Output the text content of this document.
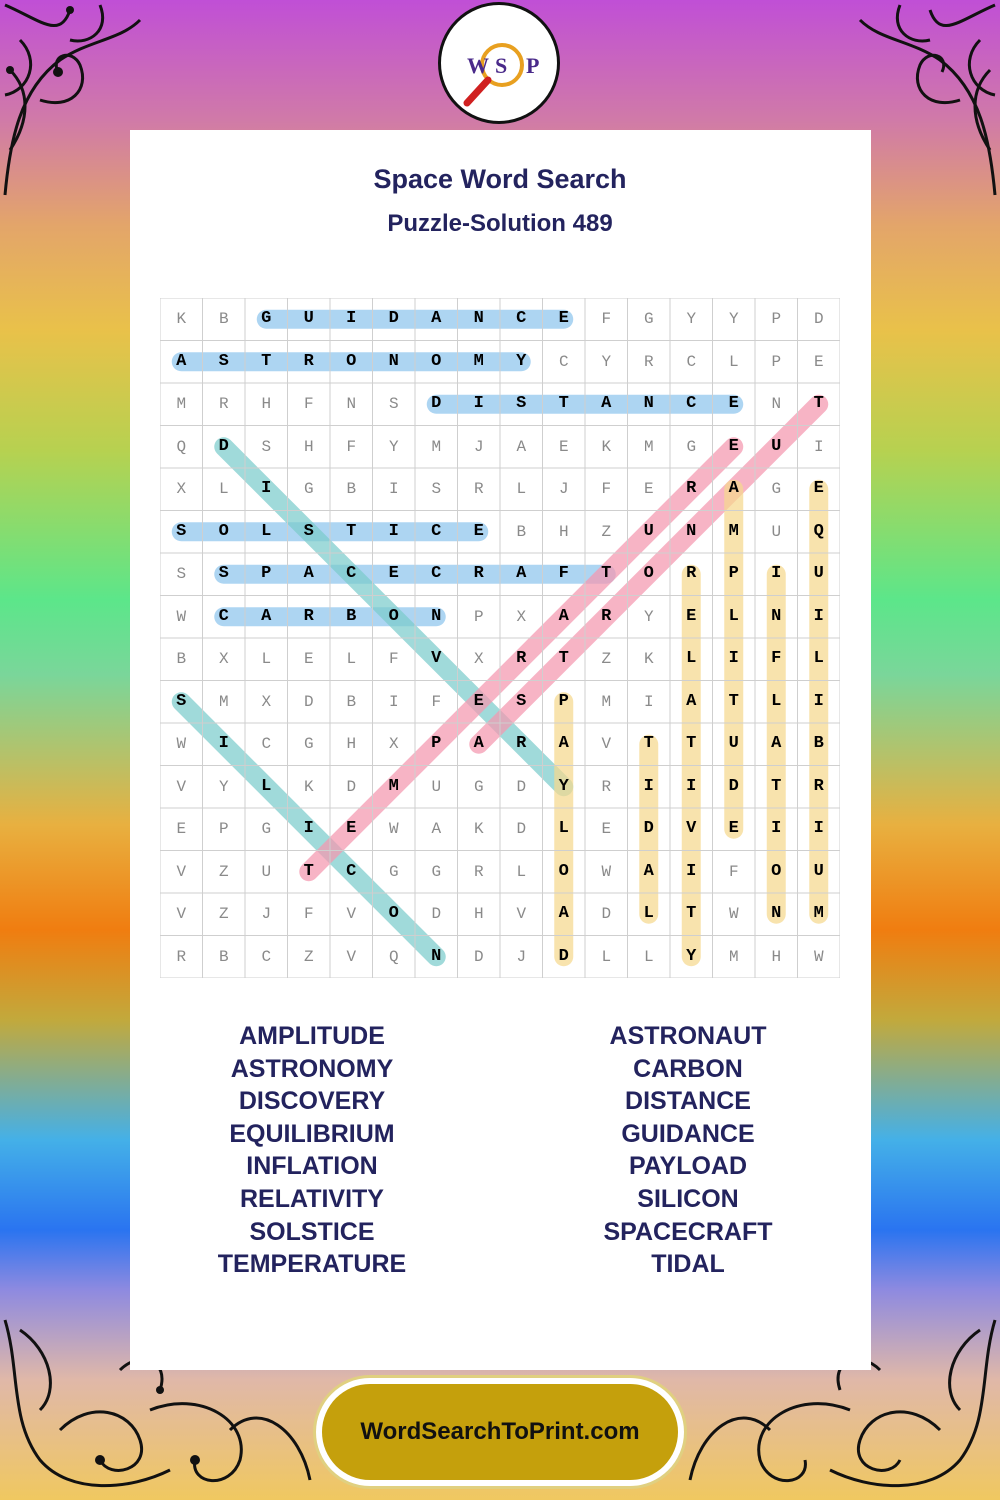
W S P
Space Word Search
Puzzle-Solution 489
K	B	G	U	I	D	A	N	C	E	F	G	Y	Y	P	D
A	S	T	R	O	N	O	M	Y	C	Y	R	C	L	P	E
M	R	H	F	N	S	D	I	S	T	A	N	C	E	N	T
Q	D	S	H	F	Y	M	J	A	E	K	M	G	E	U	I
X	L	I	G	B	I	S	R	L	J	F	E	R	A	G	E
S	O	L	S	T	I	C	E	B	H	Z	U	N	M	U	Q
S	S	P	A	C	E	C	R	A	F	T	O	R	P	I	U
W	C	A	R	B	O	N	P	X	A	R	Y	E	L	N	I
B	X	L	E	L	F	V	X	R	T	Z	K	L	I	F	L
S	M	X	D	B	I	F	E	S	P	M	I	A	T	L	I
W	I	C	G	H	X	P	A	R	A	V	T	T	U	A	B
V	Y	L	K	D	M	U	G	D	Y	R	I	I	D	T	R
E	P	G	I	E	W	A	K	D	L	E	D	V	E	I	I
V	Z	U	T	C	G	G	R	L	O	W	A	I	F	O	U
V	Z	J	F	V	O	D	H	V	A	D	L	T	W	N	M
R	B	C	Z	V	Q	N	D	J	D	L	L	Y	M	H	W
AMPLITUDE
ASTRONOMY
DISCOVERY
EQUILIBRIUM
INFLATION
RELATIVITY
SOLSTICE
TEMPERATURE
ASTRONAUT
CARBON
DISTANCE
GUIDANCE
PAYLOAD
SILICON
SPACECRAFT
TIDAL
WordSearchToPrint.com
